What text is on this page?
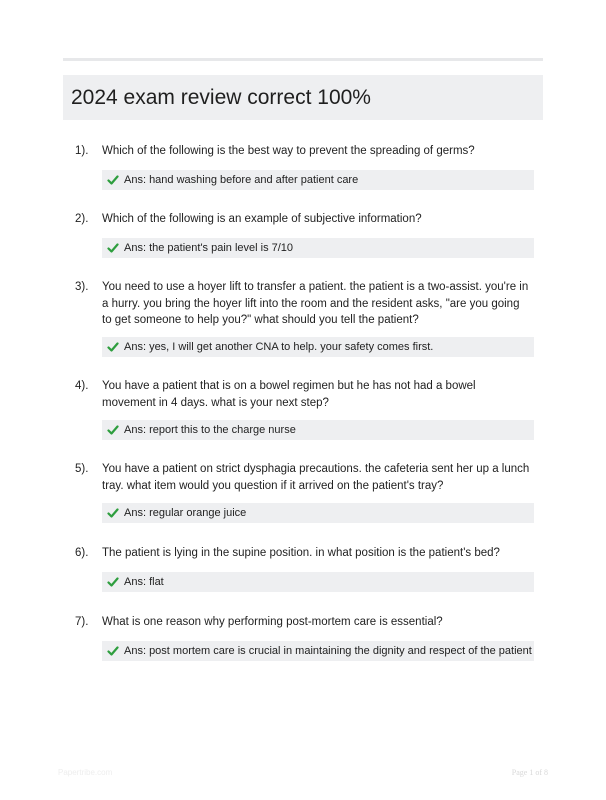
2024 exam review correct 100%
1). Which of the following is the best way to prevent the spreading of germs?
Ans: hand washing before and after patient care
2). Which of the following is an example of subjective information?
Ans: the patient's pain level is 7/10
3). You need to use a hoyer lift to transfer a patient. the patient is a two-assist. you're in a hurry. you bring the hoyer lift into the room and the resident asks, "are you going to get someone to help you?" what should you tell the patient?
Ans: yes, I will get another CNA to help. your safety comes first.
4). You have a patient that is on a bowel regimen but he has not had a bowel movement in 4 days. what is your next step?
Ans: report this to the charge nurse
5). You have a patient on strict dysphagia precautions. the cafeteria sent her up a lunch tray. what item would you question if it arrived on the patient's tray?
Ans: regular orange juice
6). The patient is lying in the supine position. in what position is the patient's bed?
Ans: flat
7). What is one reason why performing post-mortem care is essential?
Ans: post mortem care is crucial in maintaining the dignity and respect of the patient
Papertribe.com	Page 1 of 8
